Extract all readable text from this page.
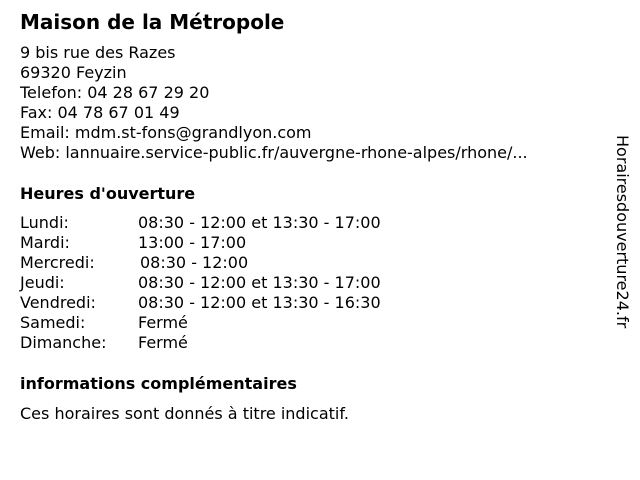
Maison de la Métropole
9 bis rue des Razes
69320 Feyzin
Telefon: 04 28 67 29 20
Fax: 04 78 67 01 49
Email: mdm.st-fons@grandlyon.com
Web: lannuaire.service-public.fr/auvergne-rhone-alpes/rhone/...
Heures d'ouverture
Lundi:	08:30 - 12:00 et 13:30 - 17:00
Mardi:	13:00 - 17:00
Mercredi:	08:30 - 12:00
Jeudi:	08:30 - 12:00 et 13:30 - 17:00
Vendredi:	08:30 - 12:00 et 13:30 - 16:30
Samedi:	Fermé
Dimanche: Fermé
informations complémentaires
Ces horaires sont donnés à titre indicatif.
Horairesdouverture24.fr
